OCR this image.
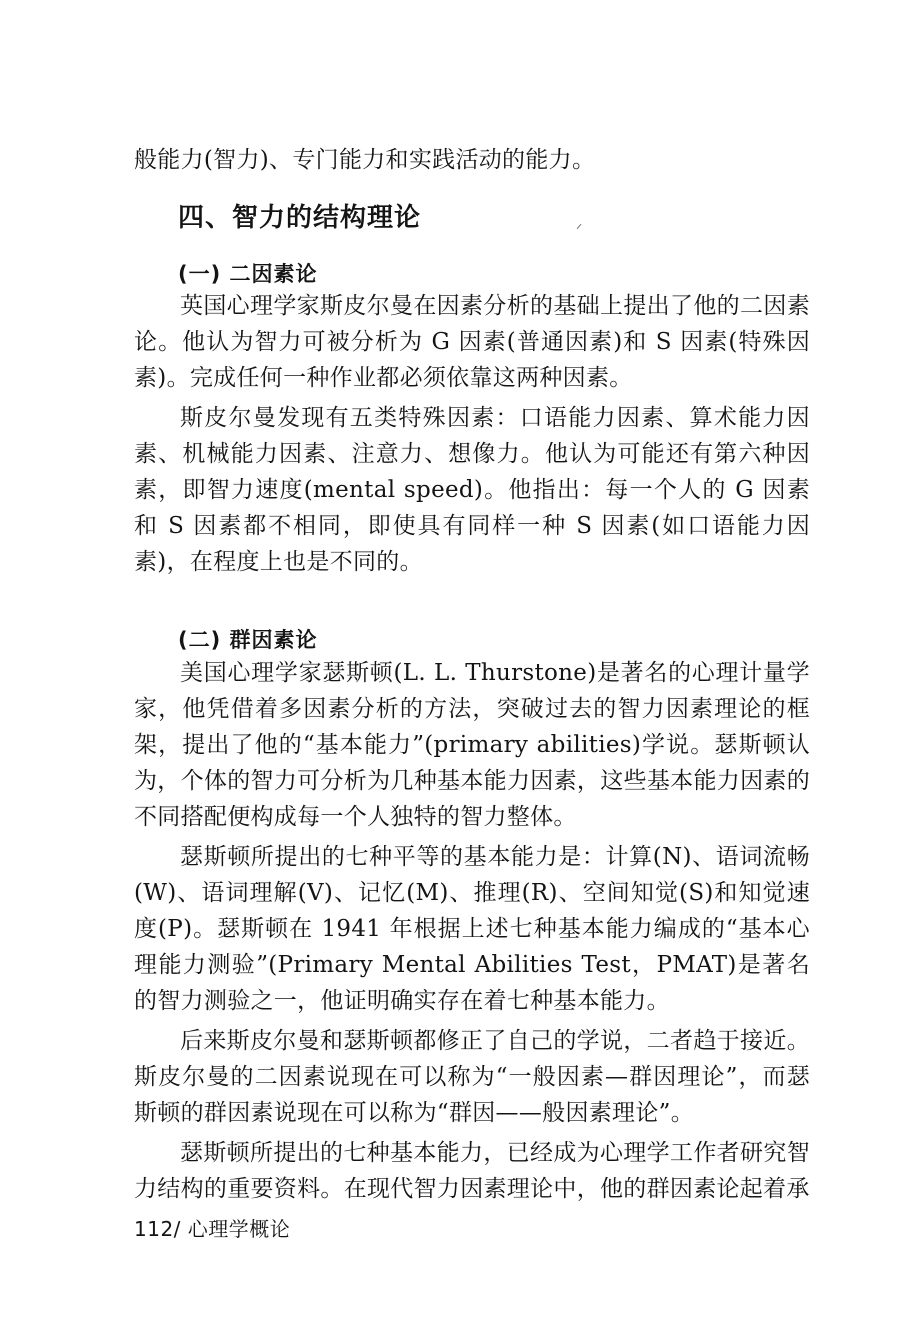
般能力(智力)、专门能力和实践活动的能力。

四、智力的结构理论
(一) 二因素论

英国心理学家斯皮尔曼在因素分析的基础上提出了他的二因素论。他认为智力可被分析为 G 因素(普通因素)和 S 因素(特殊因素)。完成任何一种作业都必须依靠这两种因素。

斯皮尔曼发现有五类特殊因素：口语能力因素、算术能力因素、机械能力因素、注意力、想像力。他认为可能还有第六种因素，即智力速度(mental speed)。他指出：每一个人的 G 因素和 S 因素都不相同，即使具有同样一种 S 因素(如口语能力因素)，在程度上也是不同的。

(二) 群因素论

美国心理学家瑟斯顿(L. L. Thurstone)是著名的心理计量学家，他凭借着多因素分析的方法，突破过去的智力因素理论的框架，提出了他的“基本能力”(primary abilities)学说。瑟斯顿认为，个体的智力可分析为几种基本能力因素，这些基本能力因素的不同搭配便构成每一个人独特的智力整体。

瑟斯顿所提出的七种平等的基本能力是：计算(N)、语词流畅(W)、语词理解(V)、记忆(M)、推理(R)、空间知觉(S)和知觉速度(P)。瑟斯顿在 1941 年根据上述七种基本能力编成的“基本心理能力测验”(Primary Mental Abilities Test，PMAT)是著名的智力测验之一，他证明确实存在着七种基本能力。

后来斯皮尔曼和瑟斯顿都修正了自己的学说，二者趋于接近。斯皮尔曼的二因素说现在可以称为“一般因素—群因理论”，而瑟斯顿的群因素说现在可以称为“群因——般因素理论”。

瑟斯顿所提出的七种基本能力，已经成为心理学工作者研究智力结构的重要资料。在现代智力因素理论中，他的群因素论起着承

112/ 心理学概论
